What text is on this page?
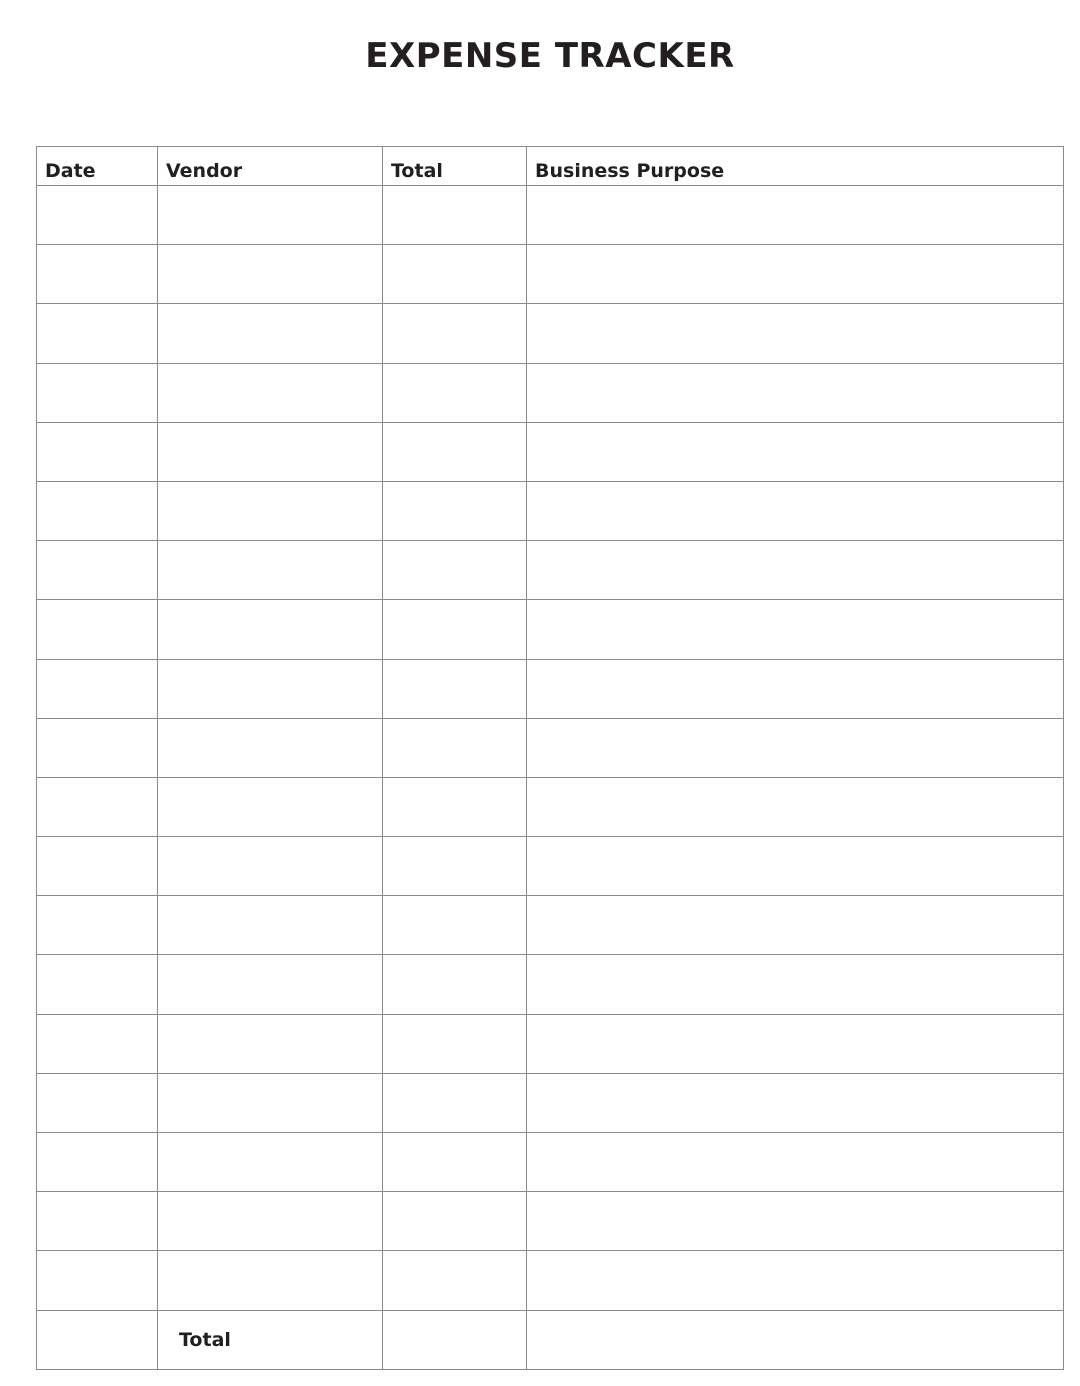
EXPENSE TRACKER
Date	Vendor	Total	Business Purpose

	Total		
